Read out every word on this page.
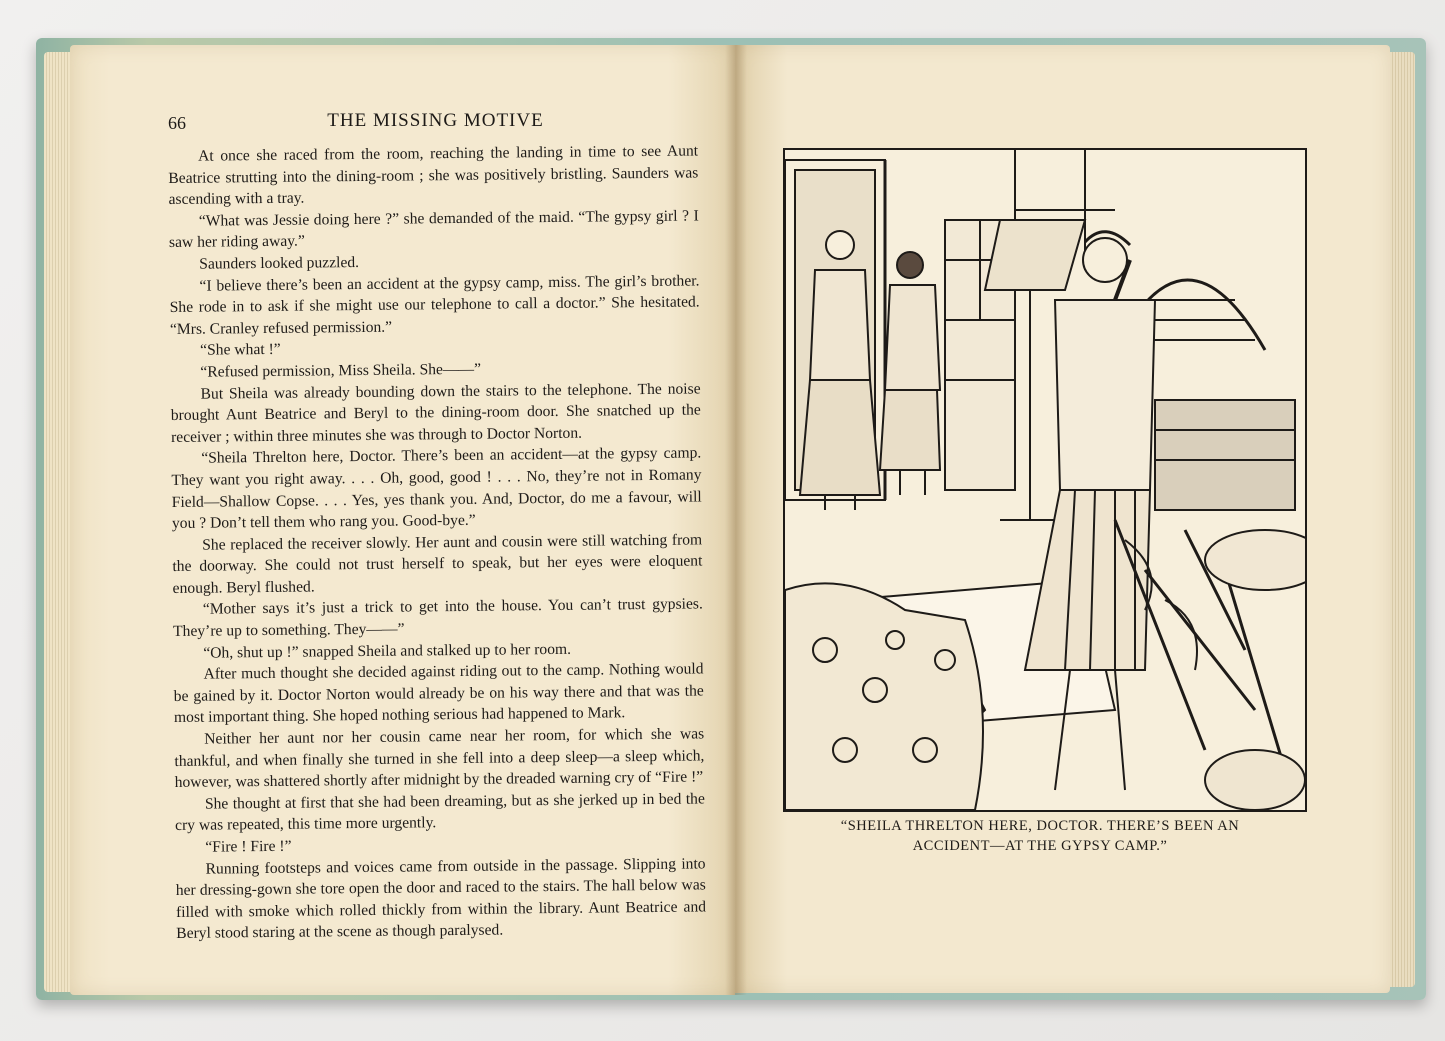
66	THE MISSING MOTIVE

At once she raced from the room, reaching the landing in time to see Aunt Beatrice strutting into the dining-room ; she was positively bristling. Saunders was ascending with a tray.

“What was Jessie doing here ?” she demanded of the maid. “The gypsy girl ? I saw her riding away.”

Saunders looked puzzled.

“I believe there’s been an accident at the gypsy camp, miss. The girl’s brother. She rode in to ask if she might use our telephone to call a doctor.” She hesitated. “Mrs. Cranley refused permission.”

“She what !”

“Refused permission, Miss Sheila. She——”

But Sheila was already bounding down the stairs to the telephone. The noise brought Aunt Beatrice and Beryl to the dining-room door. She snatched up the receiver ; within three minutes she was through to Doctor Norton.

“Sheila Threlton here, Doctor. There’s been an accident—at the gypsy camp. They want you right away. . . . Oh, good, good ! . . . No, they’re not in Romany Field—Shallow Copse. . . . Yes, yes thank you. And, Doctor, do me a favour, will you ? Don’t tell them who rang you. Good-bye.”

She replaced the receiver slowly. Her aunt and cousin were still watching from the doorway. She could not trust herself to speak, but her eyes were eloquent enough. Beryl flushed.

“Mother says it’s just a trick to get into the house. You can’t trust gypsies. They’re up to something. They——”

“Oh, shut up !” snapped Sheila and stalked up to her room.

After much thought she decided against riding out to the camp. Nothing would be gained by it. Doctor Norton would already be on his way there and that was the most important thing. She hoped nothing serious had happened to Mark.

Neither her aunt nor her cousin came near her room, for which she was thankful, and when finally she turned in she fell into a deep sleep—a sleep which, however, was shattered shortly after midnight by the dreaded warning cry of “Fire !”

She thought at first that she had been dreaming, but as she jerked up in bed the cry was repeated, this time more urgently.

“Fire ! Fire !”

Running footsteps and voices came from outside in the passage. Slipping into her dressing-gown she tore open the door and raced to the stairs. The hall below was filled with smoke which rolled thickly from within the library. Aunt Beatrice and Beryl stood staring at the scene as though paralysed.

“SHEILA THRELTON HERE, DOCTOR. THERE’S BEEN AN
ACCIDENT—AT THE GYPSY CAMP.”
